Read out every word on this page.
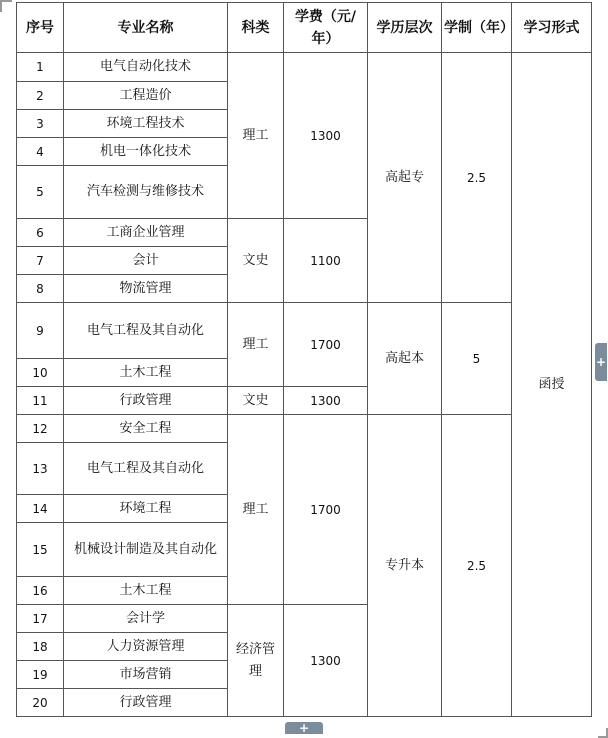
序号	专业名称	科类	学费（元/年）	学历层次	学制（年）	学习形式
1	电气自动化技术	理工	1300	高起专	2.5	函授
2	工程造价					
3	环境工程技术					
4	机电一体化技术					
5	汽车检测与维修技术					
6	工商企业管理	文史	1100			
7	会计					
8	物流管理					
9	电气工程及其自动化	理工	1700	高起本	5	
10	土木工程					
11	行政管理	文史	1300			
12	安全工程	理工	1700	专升本	2.5	
13	电气工程及其自动化					
14	环境工程					
15	机械设计制造及其自动化					
16	土木工程					
17	会计学	经济管理	1300			
18	人力资源管理					
19	市场营销					
20	行政管理					
+
+
